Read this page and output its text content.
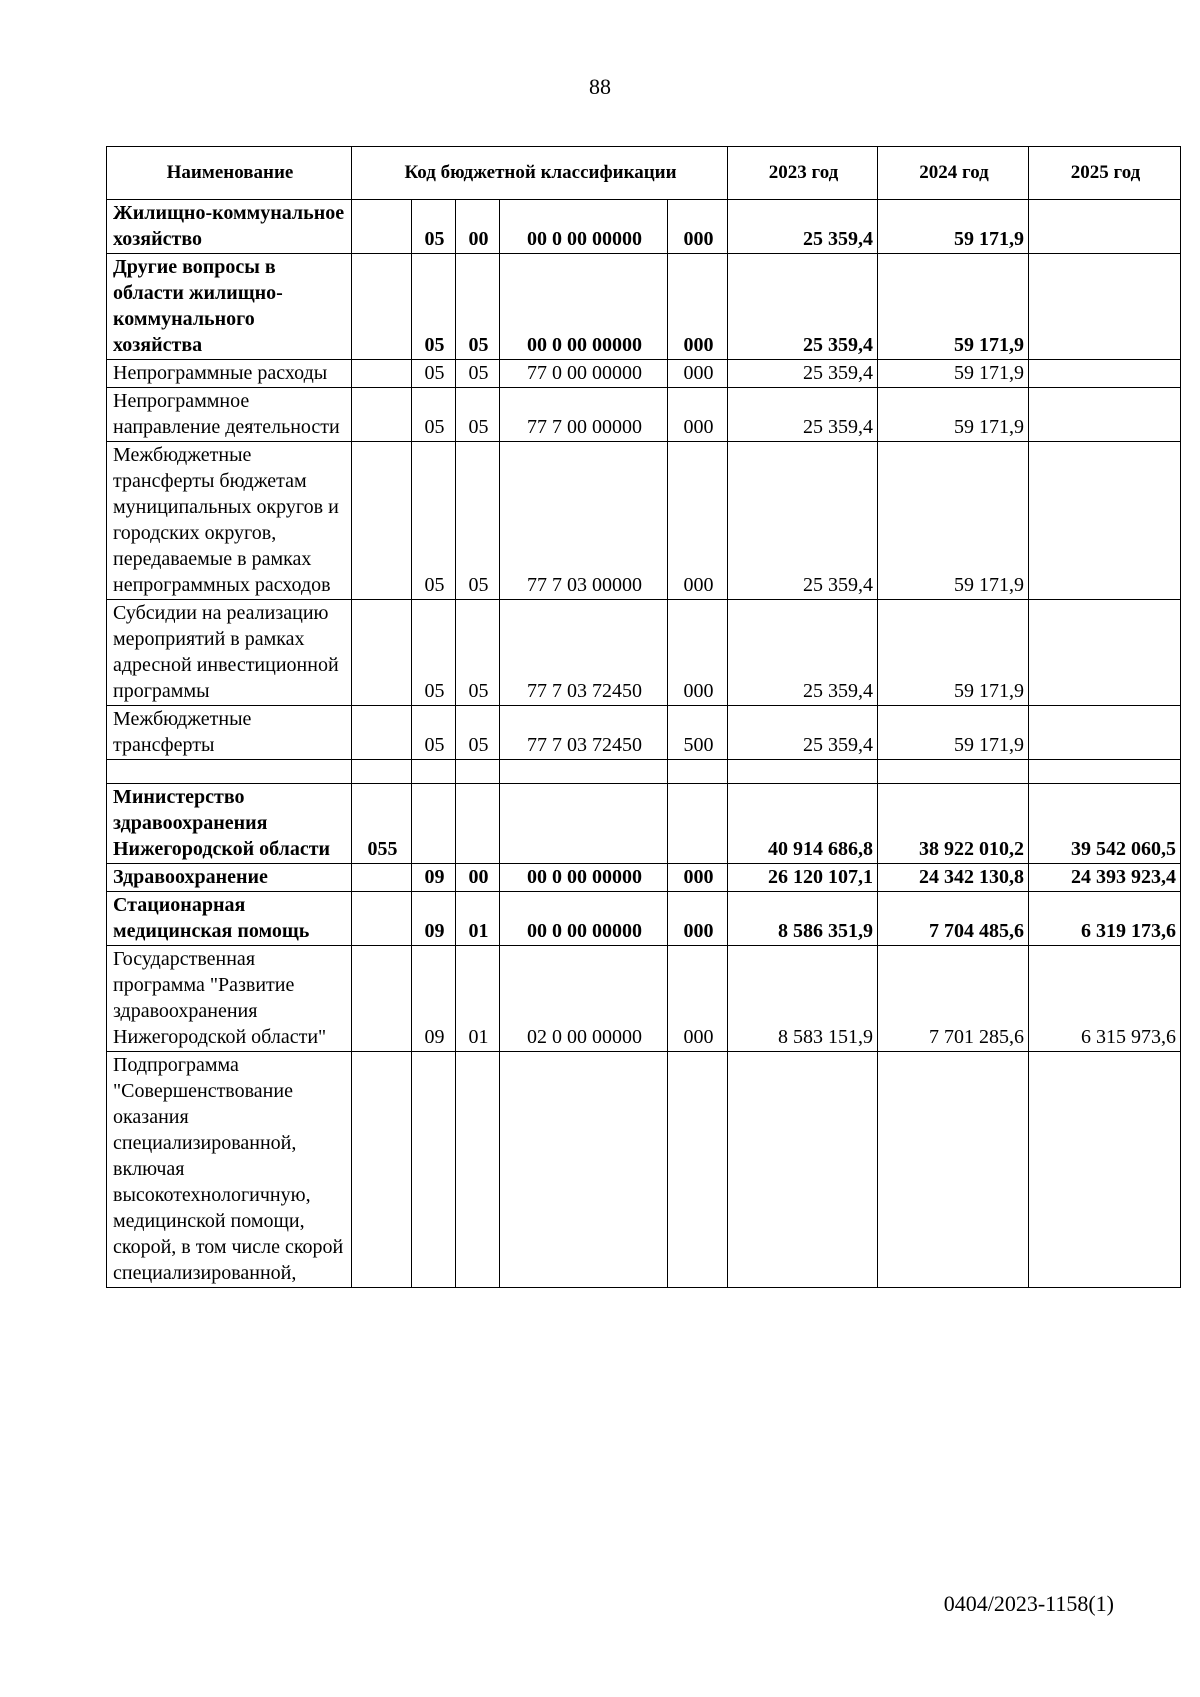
88
Наименование	Код бюджетной классификации					2023 год	2024 год	2025 год
Жилищно-коммунальное хозяйство		05	00	00 0 00 00000	000	25 359,4	59 171,9	
Другие вопросы в области жилищно-коммунального хозяйства		05	05	00 0 00 00000	000	25 359,4	59 171,9	
Непрограммные расходы		05	05	77 0 00 00000	000	25 359,4	59 171,9	
Непрограммное направление деятельности		05	05	77 7 00 00000	000	25 359,4	59 171,9	
Межбюджетные трансферты бюджетам муниципальных округов и городских округов, передаваемые в рамках непрограммных расходов		05	05	77 7 03 00000	000	25 359,4	59 171,9	
Субсидии на реализацию мероприятий в рамках адресной инвестиционной программы		05	05	77 7 03 72450	000	25 359,4	59 171,9	
Межбюджетные трансферты		05	05	77 7 03 72450	500	25 359,4	59 171,9	

Министерство здравоохранения Нижегородской области	055					40 914 686,8	38 922 010,2	39 542 060,5
Здравоохранение		09	00	00 0 00 00000	000	26 120 107,1	24 342 130,8	24 393 923,4
Стационарная медицинская помощь		09	01	00 0 00 00000	000	8 586 351,9	7 704 485,6	6 319 173,6
Государственная программа "Развитие здравоохранения Нижегородской области"		09	01	02 0 00 00000	000	8 583 151,9	7 701 285,6	6 315 973,6
Подпрограмма "Совершенствование оказания специализированной, включая высокотехнологичную, медицинской помощи, скорой, в том числе скорой специализированной,								
0404/2023-1158(1)
